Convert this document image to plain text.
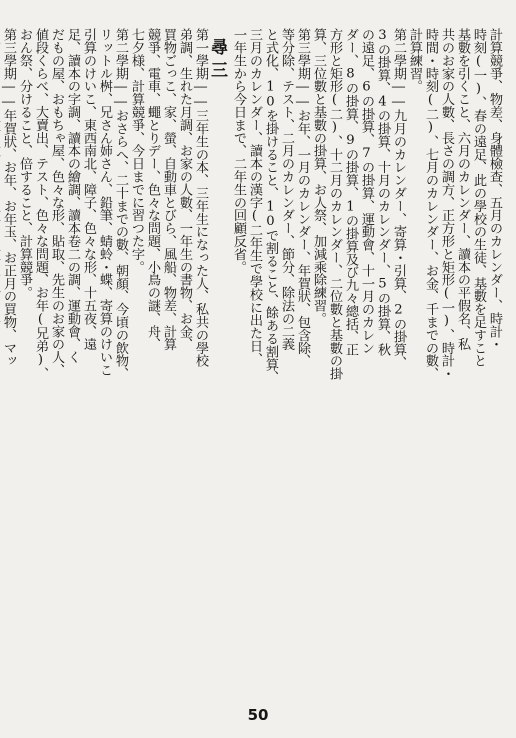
計算競爭、物差、身體檢查、五月のカレンダー、時計・
時刻(一)、春の遠足、此の學校の生徒、基數を足すこと
基數を引くこと、六月のカレンダー、讀本の平假名、私
共のお家の人數、長さの調方、正方形と矩形(一)、時計・
時間・時刻(二)、七月のカレンダー、お金、千までの數、
計算練習。
第二學期――九月のカレンダー、寄算・引算、2の掛算、
3の掛算、4の掛算、十月のカレンダー、5の掛算、秋
の遠足、6の掛算、7の掛算、運動會、十一月のカレン
ダー、8の掛算、9の掛算、1の掛算及び九々總括、正
方形と矩形(二)、十二月のカレンダー、二位數と基數の掛
算、三位數と基數の掛算、お人祭、加減乘除練習。
第三學期――お年、一月のカレンダー、年賀狀、包含除、
等分除、テスト、二月のカレンダー、節分、除法の二義
と式化、10を掛けること、10で割ること、餘ある割算、
三月のカレンダー、讀本の漢字(二年生で學校に出た日、
一年生から今日まで、二年生の回顧反省。
尋三
第一學期――三年生の本、三年生になった人、私共の學校
弟調、生れた月調、お家の人數、一年生の書物、お金、
買物ごっこ、家、螢、自動車とびら、風船、物差、計算
競爭、電車、蠅とりデー、色々な問題、小鳥の謎、舟、
七夕様、計算競爭、今日までに習つた字。
第二學期――おさらへ、二十までの數、朝顏、今頃の飲物、
リットル桝、兄さん姉さん、鉛筆、蜻蛉・蝶、寄算のけいこ
引算のけいこ、東西南北、障子、色々な形、十五夜、遠
足、讀本の字調、讀本の繪調、讀本卷二の調、運動會、く
だもの屋、おもちゃ屋、色々な形、貼取、先生のお家の人、
値段くらべ、大賣出、テスト、色々な問題、お年(兄弟)、
おん祭、分けること、倍すること、計算競爭。
第三學期――年賀狀、お年、お年玉、お正月の買物、マッ
50
